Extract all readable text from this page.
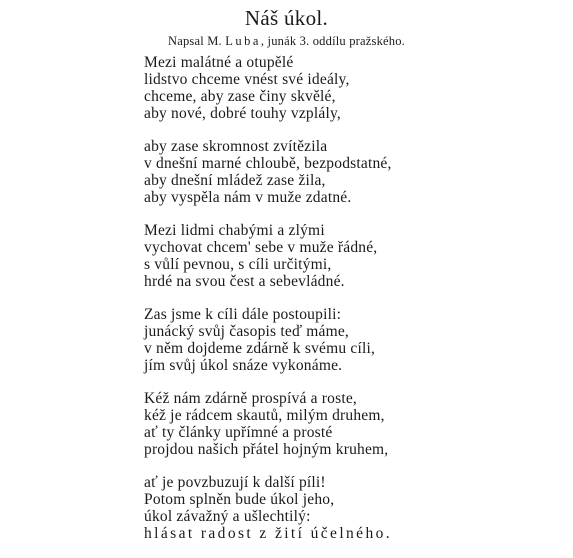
Náš úkol.
Napsal M. Luba, junák 3. oddílu pražského.
Mezi malátné a otupělé
lidstvo chceme vnést své ideály,
chceme, aby zase činy skvělé,
aby nové, dobré touhy vzplály,
aby zase skromnost zvítězila
v dnešní marné chloubě, bezpodstatné,
aby dnešní mládež zase žila,
aby vyspěla nám v muže zdatné.
Mezi lidmi chabými a zlými
vychovat chcem' sebe v muže řádné,
s vůlí pevnou, s cíli určitými,
hrdé na svou čest a sebevládné.
Zas jsme k cíli dále postoupili:
junácký svůj časopis teď máme,
v něm dojdeme zdárně k svému cíli,
jím svůj úkol snáze vykonáme.
Kéž nám zdárně prospívá a roste,
kéž je rádcem skautů, milým druhem,
ať ty články upřímné a prosté
projdou našich přátel hojným kruhem,
ať je povzbuzují k další píli!
Potom splněn bude úkol jeho,
úkol závažný a ušlechtilý:
hlásat radost z žití účelného.
